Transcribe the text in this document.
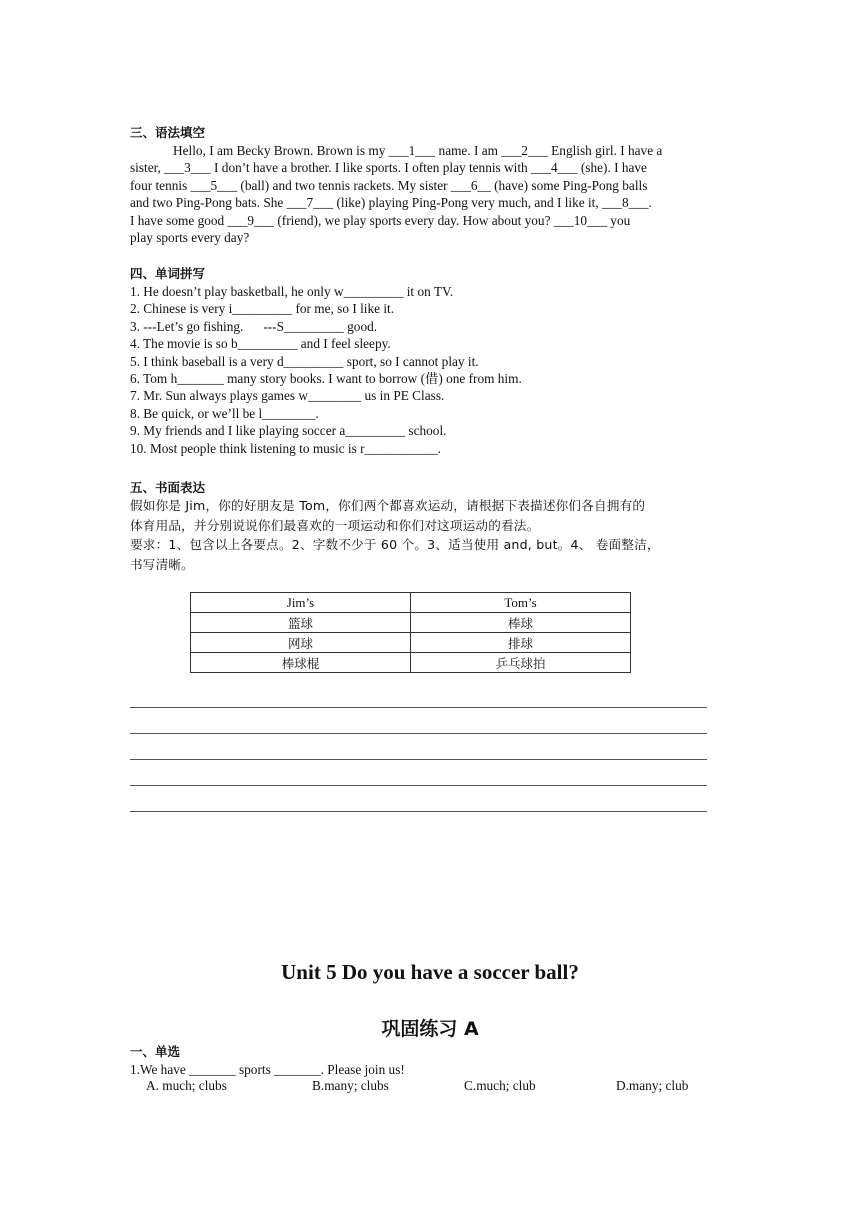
三、语法填空

Hello, I am Becky Brown. Brown is my ___1___ name. I am ___2___ English girl. I have a

sister, ___3___ I don’t have a brother. I like sports. I often play tennis with ___4___ (she). I have

four tennis ___5___ (ball) and two tennis rackets. My sister ___6__ (have) some Ping-Pong balls

and two Ping-Pong bats. She ___7___ (like) playing Ping-Pong very much, and I like it, ___8___.

I have some good ___9___ (friend), we play sports every day. How about you? ___10___ you

play sports every day?

四、单词拼写

1. He doesn’t play basketball, he only w_________ it on TV.

2. Chinese is very i_________ for me, so I like it.

3. ---Let’s go fishing.      ---S_________ good.

4. The movie is so b_________ and I feel sleepy.

5. I think baseball is a very d_________ sport, so I cannot play it.

6. Tom h_______ many story books. I want to borrow (借) one from him.

7. Mr. Sun always plays games w________ us in PE Class.

8. Be quick, or we’ll be l________.

9. My friends and I like playing soccer a_________ school.

10. Most people think listening to music is r___________.

五、书面表达

假如你是 Jim，你的好朋友是 Tom，你们两个都喜欢运动，请根据下表描述你们各自拥有的

体育用品，并分别说说你们最喜欢的一项运动和你们对这项运动的看法。

要求：1、包含以上各要点。2、字数不少于 60 个。3、适当使用 and, but。4、 卷面整洁，

书写清晰。

Jim’s	Tom’s
篮球	棒球
网球	排球
棒球棍	乒乓球拍
Unit 5 Do you have a soccer ball?
巩固练习 A
一、单选
1.We have _______ sports _______. Please join us!
A. much; clubs	B.many; clubs	C.much; club	D.many; club
